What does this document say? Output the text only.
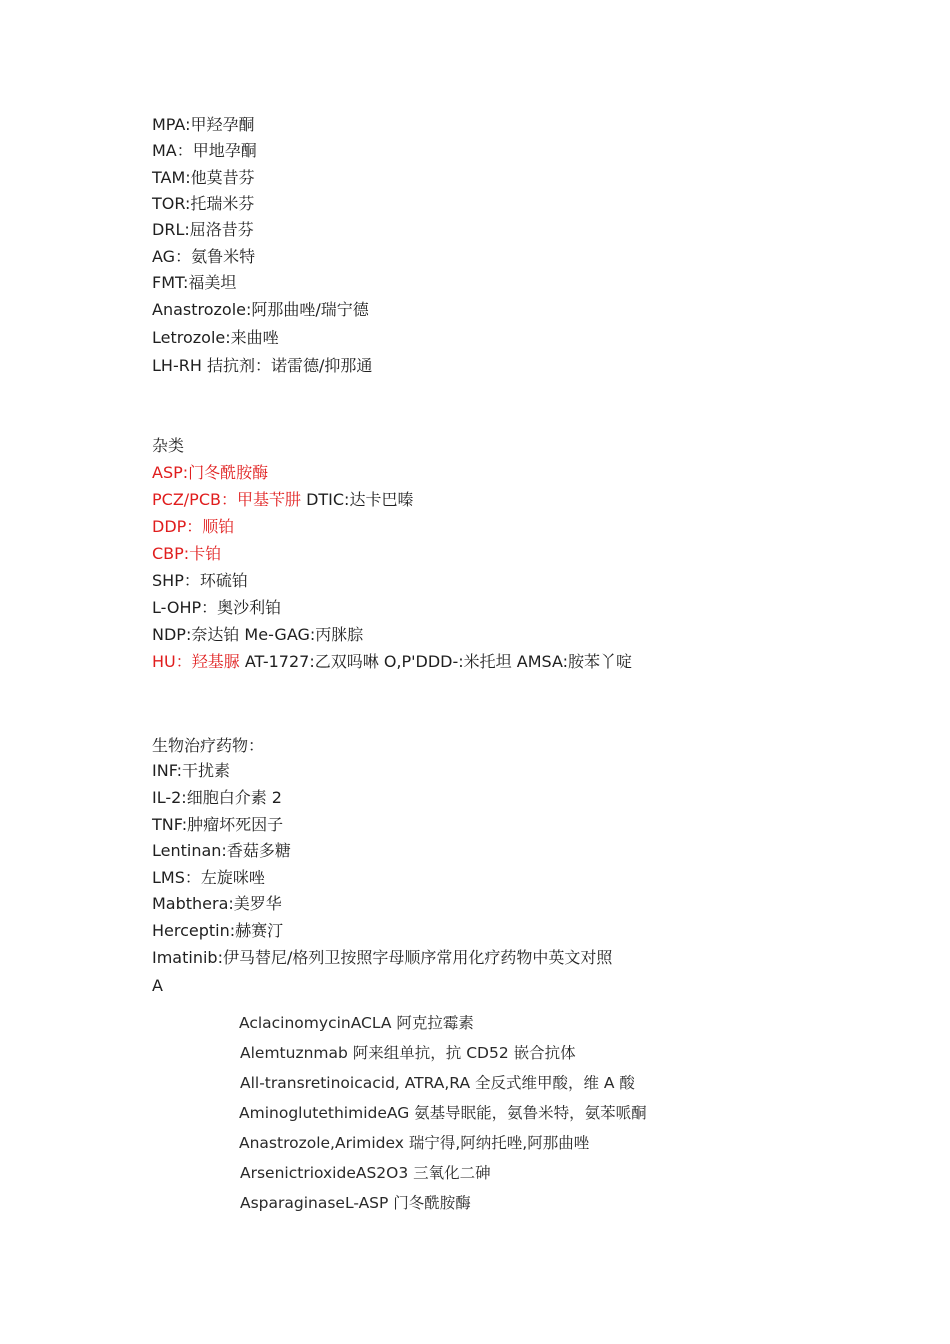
MPA:甲羟孕酮
MA：甲地孕酮
TAM:他莫昔芬
TOR:托瑞米芬
DRL:屈洛昔芬
AG：氨鲁米特
FMT:福美坦
Anastrozole:阿那曲唑/瑞宁德
Letrozole:来曲唑
LH-RH 拮抗剂：诺雷德/抑那通
杂类
ASP:门冬酰胺酶
PCZ/PCB：甲基苄肼 DTIC:达卡巴嗪
DDP：顺铂
CBP:卡铂
SHP：环硫铂
L-OHP：奥沙利铂
NDP:奈达铂 Me-GAG:丙脒腙
HU：羟基脲 AT-1727:乙双吗啉 O,P'DDD-:米托坦 AMSA:胺苯丫啶
生物治疗药物：
INF:干扰素
IL-2:细胞白介素 2
TNF:肿瘤坏死因子
Lentinan:香菇多糖
LMS：左旋咪唑
Mabthera:美罗华
Herceptin:赫赛汀
Imatinib:伊马替尼/格列卫按照字母顺序常用化疗药物中英文对照
A
AclacinomycinACLA 阿克拉霉素
Alemtuznmab 阿来组单抗，抗 CD52 嵌合抗体
All-transretinoicacid, ATRA,RA 全反式维甲酸，维 A 酸
AminoglutethimideAG 氨基导眠能，氨鲁米特，氨苯哌酮
Anastrozole,Arimidex 瑞宁得,阿纳托唑,阿那曲唑
ArsenictrioxideAS2O3 三氧化二砷
AsparaginaseL-ASP 门冬酰胺酶
